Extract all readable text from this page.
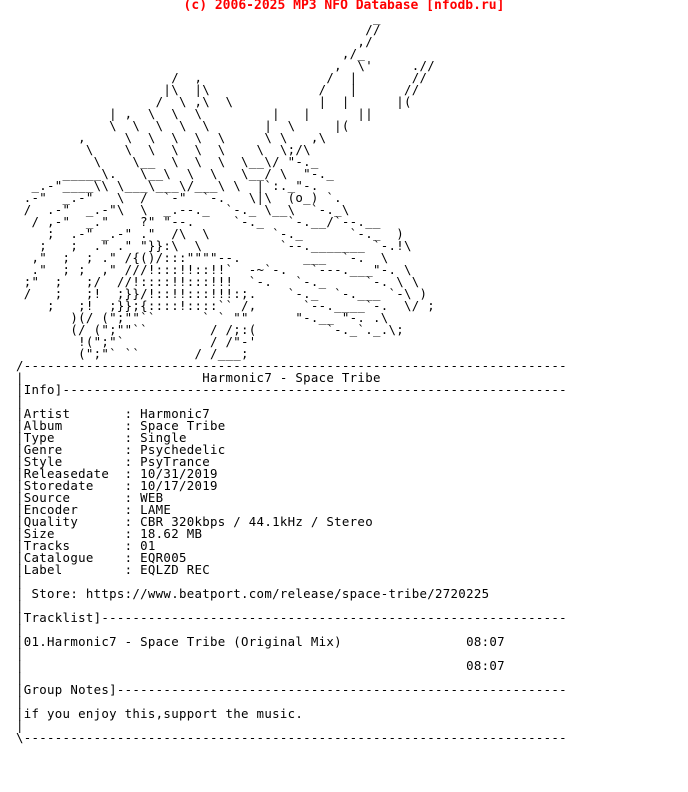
(c) 2006-2025 MP3 NFO Database [nfodb.ru]
_
//
,/
,/_
,  \'     .//
/  ,                /  |       //
|\  |\              /   |      //
/  \ ,\  \           |  |      |(
| ,  \  \  \         |   |      ||
\  \  \  \  \       |  \     |(
,     \  \  \  \  \     \ \   ,\
\    \  \  \  \  \    \  \;/\
\    \__  \  \  \  \__\/ "-._
_____\.   \__\  \  \   \__/ \  "-._
_.-"____\\ \___\___\/___\ \  |`:._"-.
.-"  _.-"   \  /  `-"  `-.   \|\  (o_) `.
/  .-"  _.-"\  \  _.--._  `-._ \__\  `-._\
/ ,-"  _."    ?" "--.     `-._   `-.__/`--.__
;  .-" _.-" ."  /\  \        `-._      `-._  )
;   ;  ." ." "}}:\  \          `--._______ `-.!\
,"  ;  ; ." /{()/:::""""--.        ___  `-.  \
."  ; ;  ," ///!:::!!::!!`  -~`-.   `---.___"-. \
;"  ;   ;/  //!::::!!:::!!!  `-.   `-._     `-. \ \
/   ;   ;!  ;}}/!::!!:::!!!:;.    `-._  `-.___ `-\ )
;   ;!  ;}};{::::!::::`` /,      `--.____`-.  \/ ;
)(/ (";""``      ` ` ""      "-.__ "-. .\
(/ (";""``        / /;:(         `-._`._.\;
!(";"`           / /"-'
(";"` ``       / /___;
/----------------------------------------------------------------------
|                       Harmonic7 - Space Tribe
|Info]-----------------------------------------------------------------
|
|Artist       : Harmonic7
|Album        : Space Tribe
|Type         : Single
|Genre        : Psychedelic
|Style        : PsyTrance
|Releasedate  : 10/31/2019
|Storedate    : 10/17/2019
|Source       : WEB
|Encoder      : LAME
|Quality      : CBR 320kbps / 44.1kHz / Stereo
|Size         : 18.62 MB
|Tracks       : 01
|Catalogue    : EQR005
|Label        : EQLZD REC
|
| Store: https://www.beatport.com/release/space-tribe/2720225
|
|Tracklist]------------------------------------------------------------
|
|01.Harmonic7 - Space Tribe (Original Mix)                08:07
|
|                                                         08:07
|
|Group Notes]----------------------------------------------------------
|
|if you enjoy this,support the music.
|
\----------------------------------------------------------------------
